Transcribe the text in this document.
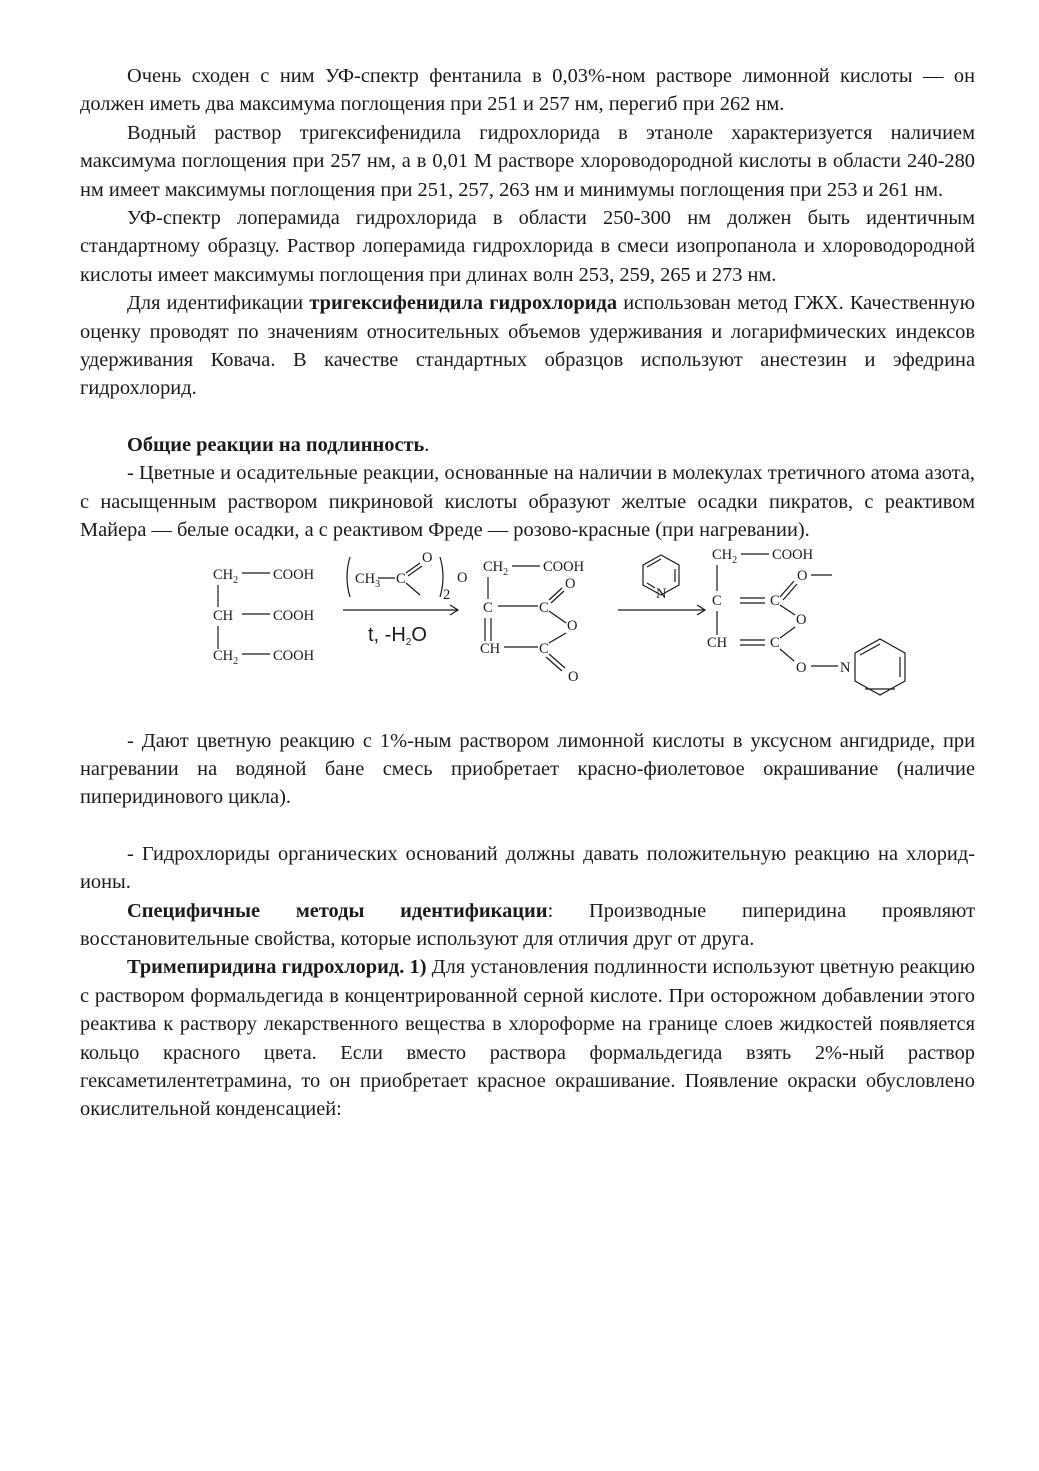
Очень сходен с ним УФ-спектр фентанила в 0,03%-ном растворе лимонной кислоты — он должен иметь два максимума поглощения при 251 и 257 нм, перегиб при 262 нм.

Водный раствор тригексифенидила гидрохлорида в этаноле характеризуется наличием максимума поглощения при 257 нм, а в 0,01 М растворе хлороводородной кислоты в области 240-280 нм имеет максимумы поглощения при 251, 257, 263 нм и минимумы поглощения при 253 и 261 нм.

УФ-спектр лоперамида гидрохлорида в области 250-300 нм должен быть идентичным стандартному образцу. Раствор лоперамида гидрохлорида в смеси изопропанола и хлороводородной кислоты имеет максимумы поглощения при длинах волн 253, 259, 265 и 273 нм.

Для идентификации тригексифенидила гидрохлорида использован метод ГЖХ. Качественную оценку проводят по значениям относительных объемов удерживания и логарифмических индексов удерживания Ковача. В качестве стандартных образцов используют анестезин и эфедрина гидрохлорид.

Общие реакции на подлинность.

- Цветные и осадительные реакции, основанные на наличии в молекулах третичного атома азота, с насыщенным раствором пикриновой кислоты образуют желтые осадки пикратов, с реактивом Майера — белые осадки, а с реактивом Фреде — розово-красные (при нагревании).

$CH_2$ COOH
CH	COOH
$CH_2$ COOH
$CH_3$ C
O
2
O
t, $-H_2O$
$CH_2$ COOH
C	C
O
O
CH	C
O
N
$CH_2$ COOH
C	C
O
O
CH	C
O N

- Дают цветную реакцию с 1%-ным раствором лимонной кислоты в уксусном ангидриде, при нагревании на водяной бане смесь приобретает красно-фиолетовое окрашивание (наличие пиперидинового цикла).

- Гидрохлориды органических оснований должны давать положительную реакцию на хлорид-ионы.

Специфичные методы идентификации: Производные пиперидина проявляют восстановительные свойства, которые используют для отличия друг от друга.

Тримепиридина гидрохлорид. 1) Для установления подлинности используют цветную реакцию с раствором формальдегида в концентрированной серной кислоте. При осторожном добавлении этого реактива к раствору лекарственного вещества в хлороформе на границе слоев жидкостей появляется кольцо красного цвета. Если вместо раствора формальдегида взять 2%-ный раствор гексаметилентетрамина, то он приобретает красное окрашивание. Появление окраски обусловлено окислительной конденсацией:
